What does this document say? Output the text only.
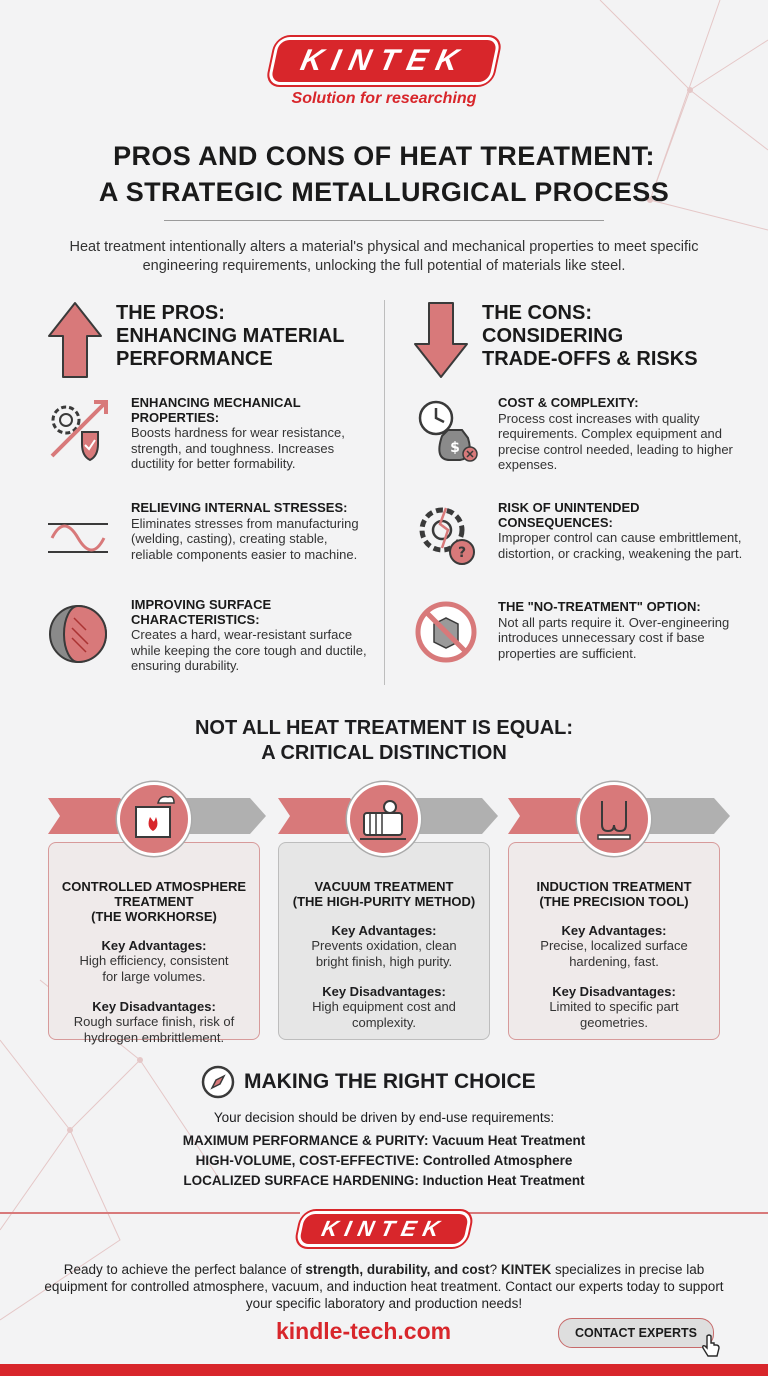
KINTEK
Solution for researching
PROS AND CONS OF HEAT TREATMENT:
A STRATEGIC METALLURGICAL PROCESS
Heat treatment intentionally alters a material's physical and mechanical properties to meet specific engineering requirements, unlocking the full potential of materials like steel.
THE PROS:
ENHANCING MATERIAL
PERFORMANCE
ENHANCING MECHANICAL
PROPERTIES:
Boosts hardness for wear resistance, strength, and toughness. Increases ductility for better formability.
RELIEVING INTERNAL STRESSES:
Eliminates stresses from manufacturing (welding, casting), creating stable, reliable components easier to machine.
IMPROVING SURFACE
CHARACTERISTICS:
Creates a hard, wear-resistant surface while keeping the core tough and ductile, ensuring durability.
THE CONS:
CONSIDERING
TRADE-OFFS & RISKS
$
COST & COMPLEXITY:
Process cost increases with quality requirements. Complex equipment and precise control needed, leading to higher expenses.
?
RISK OF UNINTENDED
CONSEQUENCES:
Improper control can cause embrittlement, distortion, or cracking, weakening the part.
THE "NO-TREATMENT" OPTION:
Not all parts require it. Over-engineering introduces unnecessary cost if base properties are sufficient.
NOT ALL HEAT TREATMENT IS EQUAL:
A CRITICAL DISTINCTION
CONTROLLED ATMOSPHERE
TREATMENT
(THE WORKHORSE)
Key Advantages:
High efficiency, consistent
for large volumes.
Key Disadvantages:
Rough surface finish, risk of
hydrogen embrittlement.
VACUUM TREATMENT
(THE HIGH-PURITY METHOD)
Key Advantages:
Prevents oxidation, clean
bright finish, high purity.
Key Disadvantages:
High equipment cost and
complexity.
INDUCTION TREATMENT
(THE PRECISION TOOL)
Key Advantages:
Precise, localized surface
hardening, fast.
Key Disadvantages:
Limited to specific part
geometries.
MAKING THE RIGHT CHOICE
Your decision should be driven by end-use requirements:
MAXIMUM PERFORMANCE & PURITY: Vacuum Heat Treatment
HIGH-VOLUME, COST-EFFECTIVE: Controlled Atmosphere
LOCALIZED SURFACE HARDENING: Induction Heat Treatment
KINTEK
Ready to achieve the perfect balance of strength, durability, and cost? KINTEK specializes in precise lab equipment for controlled atmosphere, vacuum, and induction heat treatment. Contact our experts today to support your specific laboratory and production needs!
kindle-tech.com	CONTACT EXPERTS
